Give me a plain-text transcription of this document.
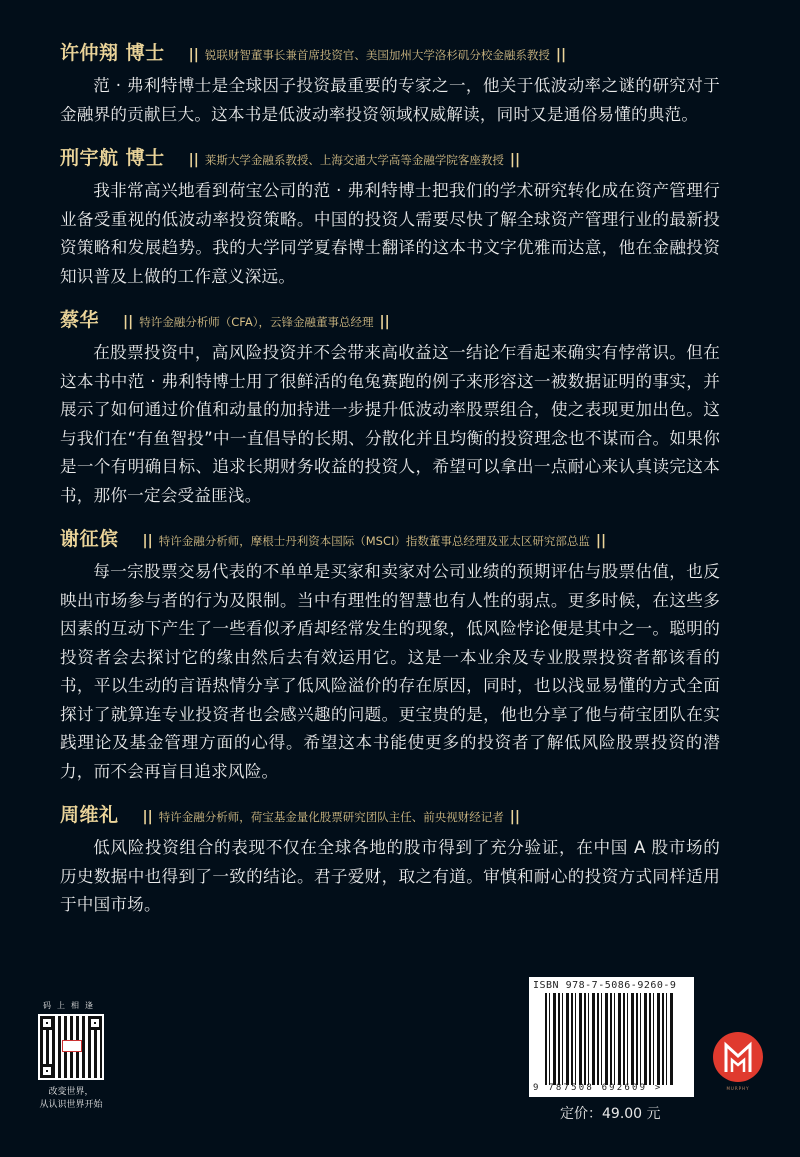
许仲翔 博士 || 锐联财智董事长兼首席投资官、美国加州大学洛杉矶分校金融系教授 ||

范 · 弗利特博士是全球因子投资最重要的专家之一，他关于低波动率之谜的研究对于金融界的贡献巨大。这本书是低波动率投资领域权威解读，同时又是通俗易懂的典范。

刑宇航 博士 || 莱斯大学金融系教授、上海交通大学高等金融学院客座教授 ||

我非常高兴地看到荷宝公司的范 · 弗利特博士把我们的学术研究转化成在资产管理行业备受重视的低波动率投资策略。中国的投资人需要尽快了解全球资产管理行业的最新投资策略和发展趋势。我的大学同学夏春博士翻译的这本书文字优雅而达意，他在金融投资知识普及上做的工作意义深远。

蔡华 || 特许金融分析师（CFA），云锋金融董事总经理 ||

在股票投资中，高风险投资并不会带来高收益这一结论乍看起来确实有悖常识。但在这本书中范 · 弗利特博士用了很鲜活的龟兔赛跑的例子来形容这一被数据证明的事实，并展示了如何通过价值和动量的加持进一步提升低波动率股票组合，使之表现更加出色。这与我们在“有鱼智投”中一直倡导的长期、分散化并且均衡的投资理念也不谋而合。如果你是一个有明确目标、追求长期财务收益的投资人，希望可以拿出一点耐心来认真读完这本书，那你一定会受益匪浅。

谢征傧 || 特许金融分析师，摩根士丹利资本国际（MSCI）指数董事总经理及亚太区研究部总监 ||

每一宗股票交易代表的不单单是买家和卖家对公司业绩的预期评估与股票估值，也反映出市场参与者的行为及限制。当中有理性的智慧也有人性的弱点。更多时候，在这些多因素的互动下产生了一些看似矛盾却经常发生的现象，低风险悖论便是其中之一。聪明的投资者会去探讨它的缘由然后去有效运用它。这是一本业余及专业股票投资者都该看的书，平以生动的言语热情分享了低风险溢价的存在原因，同时，也以浅显易懂的方式全面探讨了就算连专业投资者也会感兴趣的问题。更宝贵的是，他也分享了他与荷宝团队在实践理论及基金管理方面的心得。希望这本书能使更多的投资者了解低风险股票投资的潜力，而不会再盲目追求风险。

周维礼 || 特许金融分析师，荷宝基金量化股票研究团队主任、前央视财经记者 ||

低风险投资组合的表现不仅在全球各地的股市得到了充分验证，在中国 A 股市场的历史数据中也得到了一致的结论。君子爱财，取之有道。审慎和耐心的投资方式同样适用于中国市场。

码上相逢
改变世界，
从认识世界开始
ISBN 978-7-5086-9260-9
9 787508 692609 >
定价：49.00 元
MURPHY
